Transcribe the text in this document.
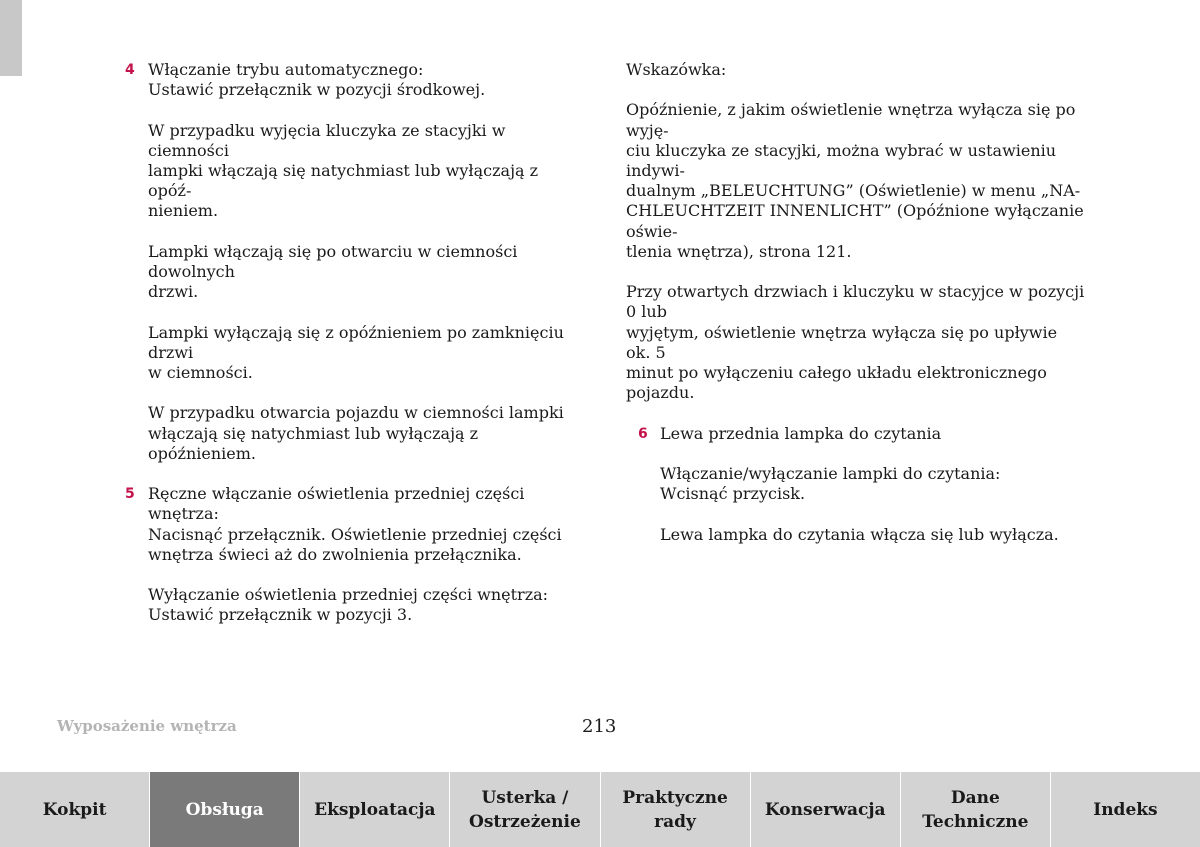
4 Włączanie trybu automatycznego:
Ustawić przełącznik w pozycji środkowej.

W przypadku wyjęcia kluczyka ze stacyjki w ciemności
lampki włączają się natychmiast lub wyłączają z opóź-
nieniem.

Lampki włączają się po otwarciu w ciemności dowolnych
drzwi.

Lampki wyłączają się z opóźnieniem po zamknięciu drzwi
w ciemności.

W przypadku otwarcia pojazdu w ciemności lampki
włączają się natychmiast lub wyłączają z opóźnieniem.

5 Ręczne włączanie oświetlenia przedniej części wnętrza:
Nacisnąć przełącznik. Oświetlenie przedniej części
wnętrza świeci aż do zwolnienia przełącznika.

Wyłączanie oświetlenia przedniej części wnętrza:
Ustawić przełącznik w pozycji 3.

Wskazówka:

Opóźnienie, z jakim oświetlenie wnętrza wyłącza się po wyję-
ciu kluczyka ze stacyjki, można wybrać w ustawieniu indywi-
dualnym „BELEUCHTUNG” (Oświetlenie) w menu „NA-
CHLEUCHTZEIT INNENLICHT” (Opóźnione wyłączanie oświe-
tlenia wnętrza), strona 121.

Przy otwartych drzwiach i kluczyku w stacyjce w pozycji 0 lub
wyjętym, oświetlenie wnętrza wyłącza się po upływie ok. 5
minut po wyłączeniu całego układu elektronicznego pojazdu.

6 Lewa przednia lampka do czytania

Włączanie/wyłączanie lampki do czytania:
Wcisnąć przycisk.

Lewa lampka do czytania włącza się lub wyłącza.

Wyposażenie wnętrza	213
Kokpit	Obsługa	Eksploatacja
Usterka /
Ostrzeżenie
Praktyczne
rady
Konserwacja
Dane
Techniczne
Indeks
